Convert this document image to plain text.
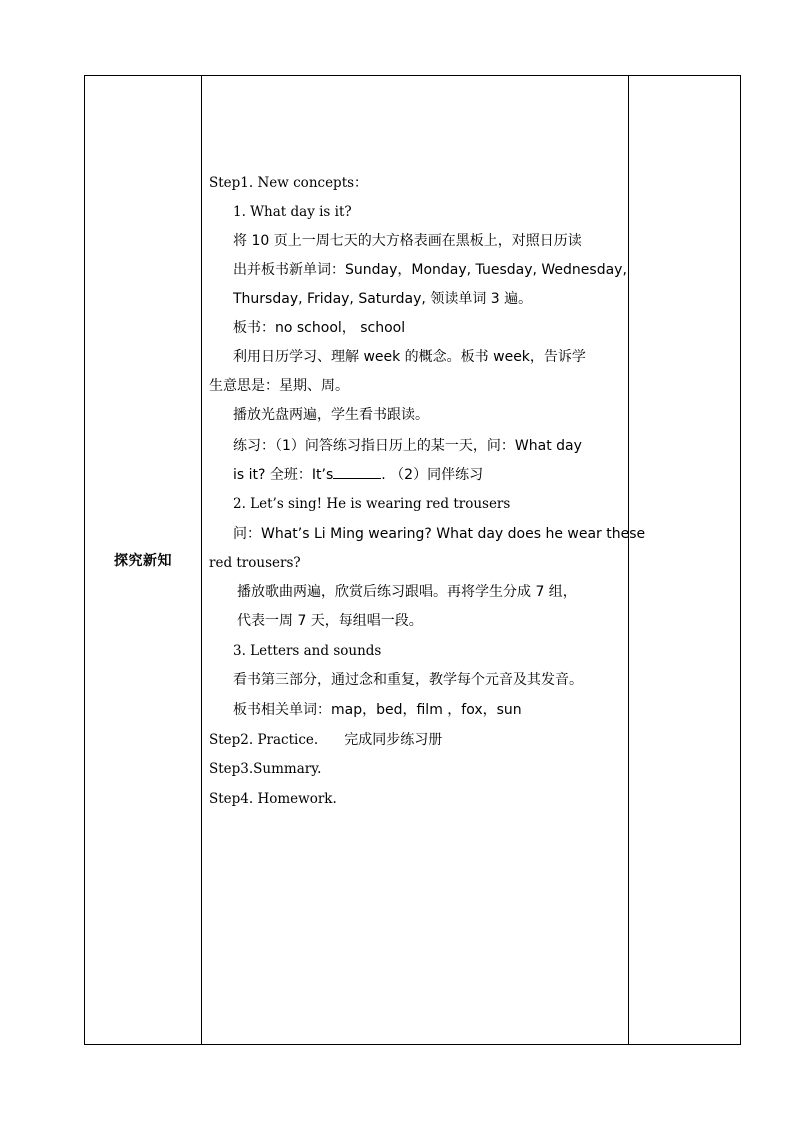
探究新知
Step1. New concepts：
1. What day is it?
将 10 页上一周七天的大方格表画在黑板上，对照日历读
出并板书新单词：Sunday，Monday, Tuesday, Wednesday,
Thursday, Friday, Saturday, 领读单词 3 遍。
板书：no school， school
利用日历学习、理解 week 的概念。板书 week，告诉学
生意思是：星期、周。
播放光盘两遍，学生看书跟读。
练习：（1）问答练习指日历上的某一天，问：What day
is it? 全班：It’s	. （2）同伴练习
2. Let’s sing! He is wearing red trousers
问：What’s Li Ming wearing? What day does he wear these
red trousers?
播放歌曲两遍，欣赏后练习跟唱。再将学生分成 7 组，
代表一周 7 天，每组唱一段。
3. Letters and sounds
看书第三部分，通过念和重复，教学每个元音及其发音。
板书相关单词：map，bed，film ，fox，sun
Step2. Practice. 完成同步练习册
Step3.Summary.
Step4. Homework.
